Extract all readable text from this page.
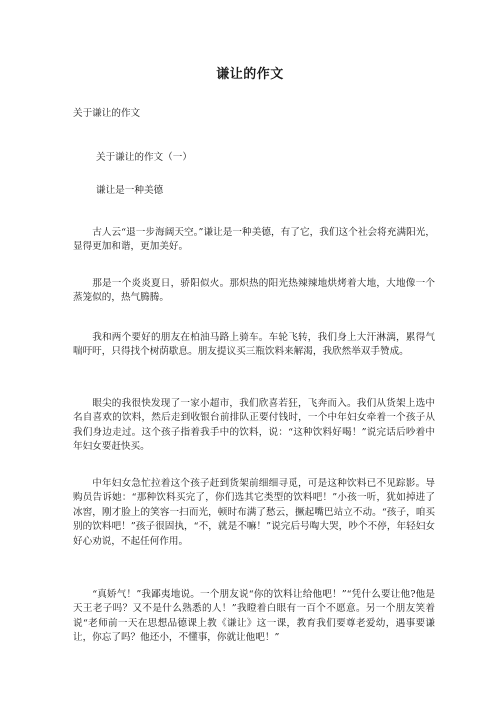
谦让的作文
关于谦让的作文
关于谦让的作文（一）
谦让是一种美德

古人云“退一步海阔天空。”谦让是一种美德，有了它，我们这个社会将充满阳光，显得更加和谐，更加美好。

那是一个炎炎夏日，骄阳似火。那炽热的阳光热辣辣地烘烤着大地，大地像一个蒸笼似的，热气腾腾。

我和两个要好的朋友在柏油马路上骑车。车轮飞转，我们身上大汗淋漓，累得气喘吁吁，只得找个树荫歇息。朋友提议买三瓶饮料来解渴，我欣然举双手赞成。

眼尖的我很快发现了一家小超市，我们欣喜若狂，飞奔而入。我们从货架上选中名自喜欢的饮料，然后走到收银台前排队正要付钱时，一个中年妇女牵着一个孩子从我们身边走过。这个孩子指着我手中的饮料，说：“这种饮料好喝！”说完话后吵着中年妇女要赶快买。

中年妇女急忙拉着这个孩子赶到货架前细细寻觅，可是这种饮料已不见踪影。导购员告诉她：“那种饮料买完了，你们选其它类型的饮料吧！”小孩一听，犹如掉进了冰窖，刚才脸上的笑容一扫而光，顿时布满了愁云，撅起嘴巴站立不动。“孩子，咱买别的饮料吧！”孩子很固执，“不，就是不嘛！”说完后号啕大哭，吵个不停，年轻妇女好心劝说，不起任何作用。

“真娇气！”我鄙夷地说。一个朋友说“你的饮料让给他吧！”“凭什么要让他?他是天王老子吗？又不是什么熟悉的人！”我瞪着白眼有一百个不愿意。另一个朋友笑着说“老师前一天在思想品德课上教《谦让》这一课，教育我们要尊老爱幼，遇事要谦让，你忘了吗？他还小，不懂事，你就让他吧！”
